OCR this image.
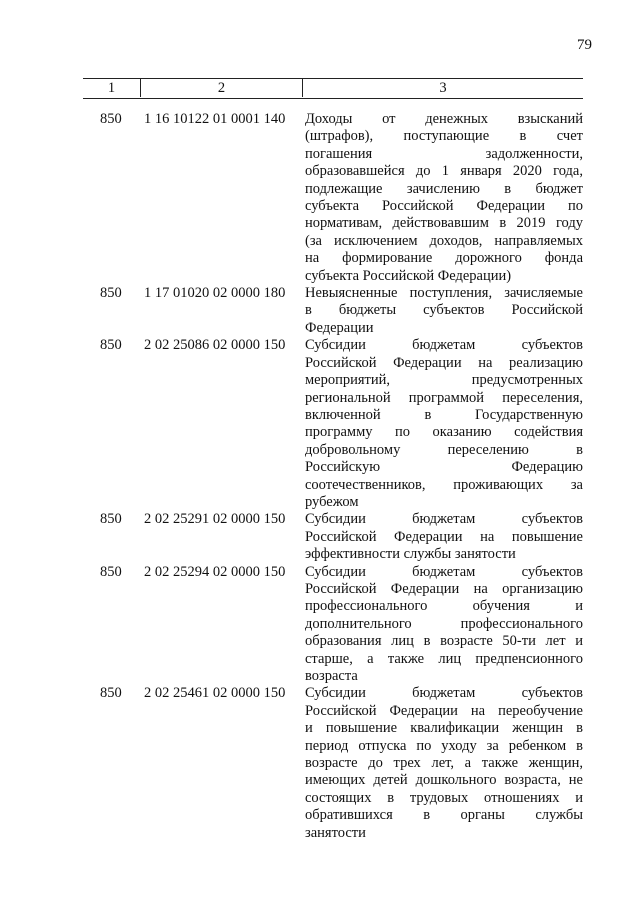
79
1	2	3
850	1 16 10122 01 0001 140	Доходы от денежных взысканий
(штрафов), поступающие в счет
погашения задолженности,
образовавшейся до 1 января 2020 года,
подлежащие зачислению в бюджет
субъекта Российской Федерации по
нормативам, действовавшим в 2019 году
(за исключением доходов, направляемых
на формирование дорожного фонда
субъекта Российской Федерации)
850	1 17 01020 02 0000 180	Невыясненные поступления, зачисляемые
в бюджеты субъектов Российской
Федерации
850	2 02 25086 02 0000 150	Субсидии бюджетам субъектов
Российской Федерации на реализацию
мероприятий, предусмотренных
региональной программой переселения,
включенной в Государственную
программу по оказанию содействия
добровольному переселению в
Российскую Федерацию
соотечественников, проживающих за
рубежом
850	2 02 25291 02 0000 150	Субсидии бюджетам субъектов
Российской Федерации на повышение
эффективности службы занятости
850	2 02 25294 02 0000 150	Субсидии бюджетам субъектов
Российской Федерации на организацию
профессионального обучения и
дополнительного профессионального
образования лиц в возрасте 50-ти лет и
старше, а также лиц предпенсионного
возраста
850	2 02 25461 02 0000 150	Субсидии бюджетам субъектов
Российской Федерации на переобучение
и повышение квалификации женщин в
период отпуска по уходу за ребенком в
возрасте до трех лет, а также женщин,
имеющих детей дошкольного возраста, не
состоящих в трудовых отношениях и
обратившихся в органы службы
занятости
